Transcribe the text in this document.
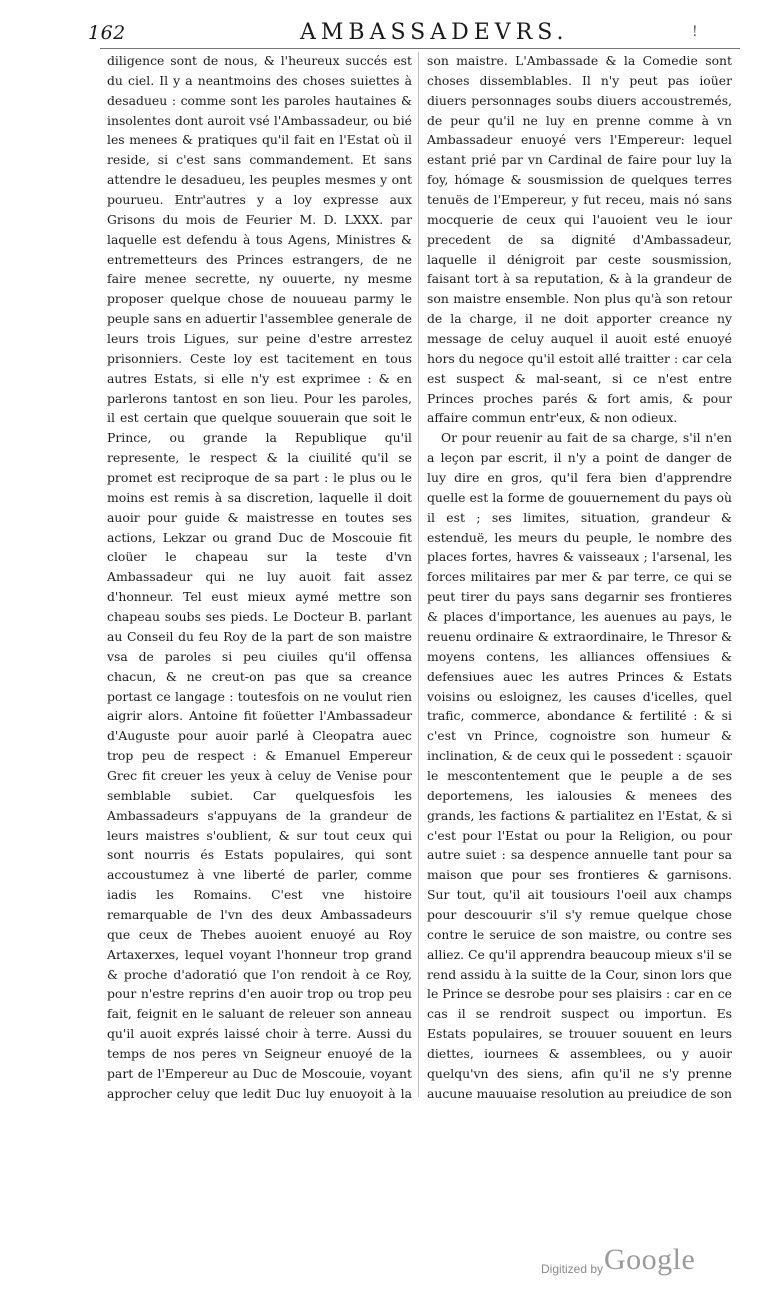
162	AMBASSADEVRS.	!

diligence sont de nous, & l'heureux succés est du ciel. Il y a neantmoins des choses suiettes à desadueu : comme sont les paroles hautaines & insolentes dont auroit vsé l'Ambassadeur, ou bié les menees & pratiques qu'il fait en l'Estat où il reside, si c'est sans commandement. Et sans attendre le desadueu, les peuples mesmes y ont pourueu. Entr'autres y a loy expresse aux Grisons du mois de Feurier M. D. LXXX. par laquelle est defendu à tous Agens, Ministres & entremetteurs des Princes estrangers, de ne faire menee secrette, ny ouuerte, ny mesme proposer quelque chose de nouueau parmy le peuple sans en aduertir l'assemblee generale de leurs trois Ligues, sur peine d'estre arrestez prisonniers. Ceste loy est tacitement en tous autres Estats, si elle n'y est exprimee : & en parlerons tantost en son lieu. Pour les paroles, il est certain que quelque souuerain que soit le Prince, ou grande la Republique qu'il represente, le respect & la ciuilité qu'il se promet est reciproque de sa part : le plus ou le moins est remis à sa discretion, laquelle il doit auoir pour guide & maistresse en toutes ses actions, Lekzar ou grand Duc de Moscouie fit cloüer le chapeau sur la teste d'vn Ambassadeur qui ne luy auoit fait assez d'honneur. Tel eust mieux aymé mettre son chapeau soubs ses pieds. Le Docteur B. parlant au Conseil du feu Roy de la part de son maistre vsa de paroles si peu ciuiles qu'il offensa chacun, & ne creut-on pas que sa creance portast ce langage : toutesfois on ne voulut rien aigrir alors. Antoine fit foüetter l'Ambassadeur d'Auguste pour auoir parlé à Cleopatra auec trop peu de respect : & Emanuel Empereur Grec fit creuer les yeux à celuy de Venise pour semblable subiet. Car quelquesfois les Ambassadeurs s'appuyans de la grandeur de leurs maistres s'oublient, & sur tout ceux qui sont nourris és Estats populaires, qui sont accoustumez à vne liberté de parler, comme iadis les Romains. C'est vne histoire remarquable de l'vn des deux Ambassadeurs que ceux de Thebes auoient enuoyé au Roy Artaxerxes, lequel voyant l'honneur trop grand & proche d'adoratió que l'on rendoit à ce Roy, pour n'estre reprins d'en auoir trop ou trop peu fait, feignit en le saluant de releuer son anneau qu'il auoit exprés laissé choir à terre. Aussi du temps de nos peres vn Seigneur enuoyé de la part de l'Empereur au Duc de Moscouie, voyant approcher celuy que ledit Duc luy enuoyoit à la

son maistre. L'Ambassade & la Comedie sont choses dissemblables. Il n'y peut pas ioüer diuers personnages soubs diuers accoustremés, de peur qu'il ne luy en prenne comme à vn Ambassadeur enuoyé vers l'Empereur: lequel estant prié par vn Cardinal de faire pour luy la foy, hómage & sousmission de quelques terres tenuës de l'Empereur, y fut receu, mais nó sans mocquerie de ceux qui l'auoient veu le iour precedent de sa dignité d'Ambassadeur, laquelle il dénigroit par ceste sousmission, faisant tort à sa reputation, & à la grandeur de son maistre ensemble. Non plus qu'à son retour de la charge, il ne doit apporter creance ny message de celuy auquel il auoit esté enuoyé hors du negoce qu'il estoit allé traitter : car cela est suspect & mal-seant, si ce n'est entre Princes proches parés & fort amis, & pour affaire commun entr'eux, & non odieux.

Or pour reuenir au fait de sa charge, s'il n'en a leçon par escrit, il n'y a point de danger de luy dire en gros, qu'il fera bien d'apprendre quelle est la forme de gouuernement du pays où il est ; ses limites, situation, grandeur & estenduë, les meurs du peuple, le nombre des places fortes, havres & vaisseaux ; l'arsenal, les forces militaires par mer & par terre, ce qui se peut tirer du pays sans degarnir ses frontieres & places d'importance, les auenues au pays, le reuenu ordinaire & extraordinaire, le Thresor & moyens contens, les alliances offensiues & defensiues auec les autres Princes & Estats voisins ou esloignez, les causes d'icelles, quel trafic, commerce, abondance & fertilité : & si c'est vn Prince, cognoistre son humeur & inclination, & de ceux qui le possedent : sçauoir le mescontentement que le peuple a de ses deportemens, les ialousies & menees des grands, les factions & partialitez en l'Estat, & si c'est pour l'Estat ou pour la Religion, ou pour autre suiet : sa despence annuelle tant pour sa maison que pour ses frontieres & garnisons. Sur tout, qu'il ait tousiours l'oeil aux champs pour descouurir s'il s'y remue quelque chose contre le seruice de son maistre, ou contre ses alliez. Ce qu'il apprendra beaucoup mieux s'il se rend assidu à la suitte de la Cour, sinon lors que le Prince se desrobe pour ses plaisirs : car en ce cas il se rendroit suspect ou importun. Es Estats populaires, se trouuer souuent en leurs diettes, iournees & assemblees, ou y auoir quelqu'vn des siens, afin qu'il ne s'y prenne aucune mauuaise resolution au preiudice de son

Digitized by Google
